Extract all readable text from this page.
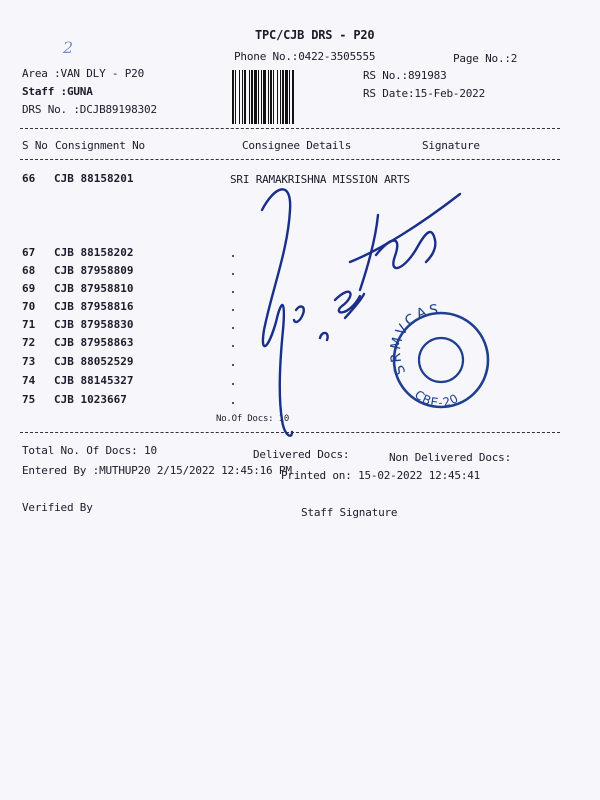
TPC/CJB DRS - P20
Phone No.:0422-3505555	Page No.:2
2
Area :VAN DLY - P20
Staff :GUNA
DRS No. :DCJB89198302
RS No.:891983
RS Date:15-Feb-2022
S No Consignment No	Consignee Details	Signature
66 CJB 88158201	SRI RAMAKRISHNA MISSION ARTS
67 CJB 88158202
68 CJB 87958809
69 CJB 87958810
70 CJB 87958816
71 CJB 87958830
72 CJB 87958863
73 CJB 88052529
74 CJB 88145327
75 CJB 1023667
No.Of Docs: 10
Total No. Of Docs: 10	Delivered Docs:	Non Delivered Docs:
Entered By :MUTHUP20 2/15/2022 12:45:16 PM
Printed on: 15-02-2022 12:45:41
Verified By	Staff Signature
SRMVCAS
CBE-20
